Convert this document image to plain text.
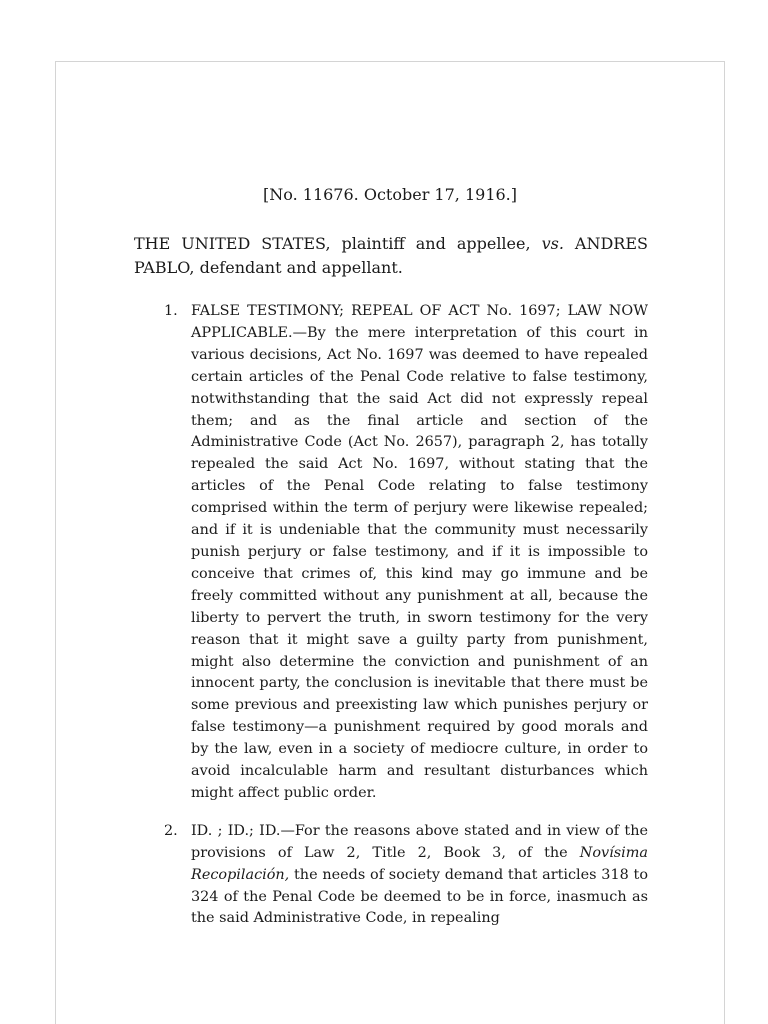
[No. 11676. October 17, 1916.]
THE UNITED STATES, plaintiff and appellee, vs. ANDRES PABLO, defendant and appellant.
1. FALSE TESTIMONY; REPEAL OF ACT No. 1697; LAW NOW APPLICABLE.—By the mere interpretation of this court in various decisions, Act No. 1697 was deemed to have repealed certain articles of the Penal Code relative to false testimony, notwithstanding that the said Act did not expressly repeal them; and as the final article and section of the Administrative Code (Act No. 2657), paragraph 2, has totally repealed the said Act No. 1697, without stating that the articles of the Penal Code relating to false testimony comprised within the term of perjury were likewise repealed; and if it is undeniable that the community must necessarily punish perjury or false testimony, and if it is impossible to conceive that crimes of, this kind may go immune and be freely committed without any punishment at all, because the liberty to pervert the truth, in sworn testimony for the very reason that it might save a guilty party from punishment, might also determine the conviction and punishment of an innocent party, the conclusion is inevitable that there must be some previous and preexisting law which punishes perjury or false testimony—a punishment required by good morals and by the law, even in a society of mediocre culture, in order to avoid incalculable harm and resultant disturbances which might affect public order.
2. ID. ; ID.; ID.—For the reasons above stated and in view of the provisions of Law 2, Title 2, Book 3, of the Novísima Recopilación, the needs of society demand that articles 318 to 324 of the Penal Code be deemed to be in force, inasmuch as the said Administrative Code, in repealing
